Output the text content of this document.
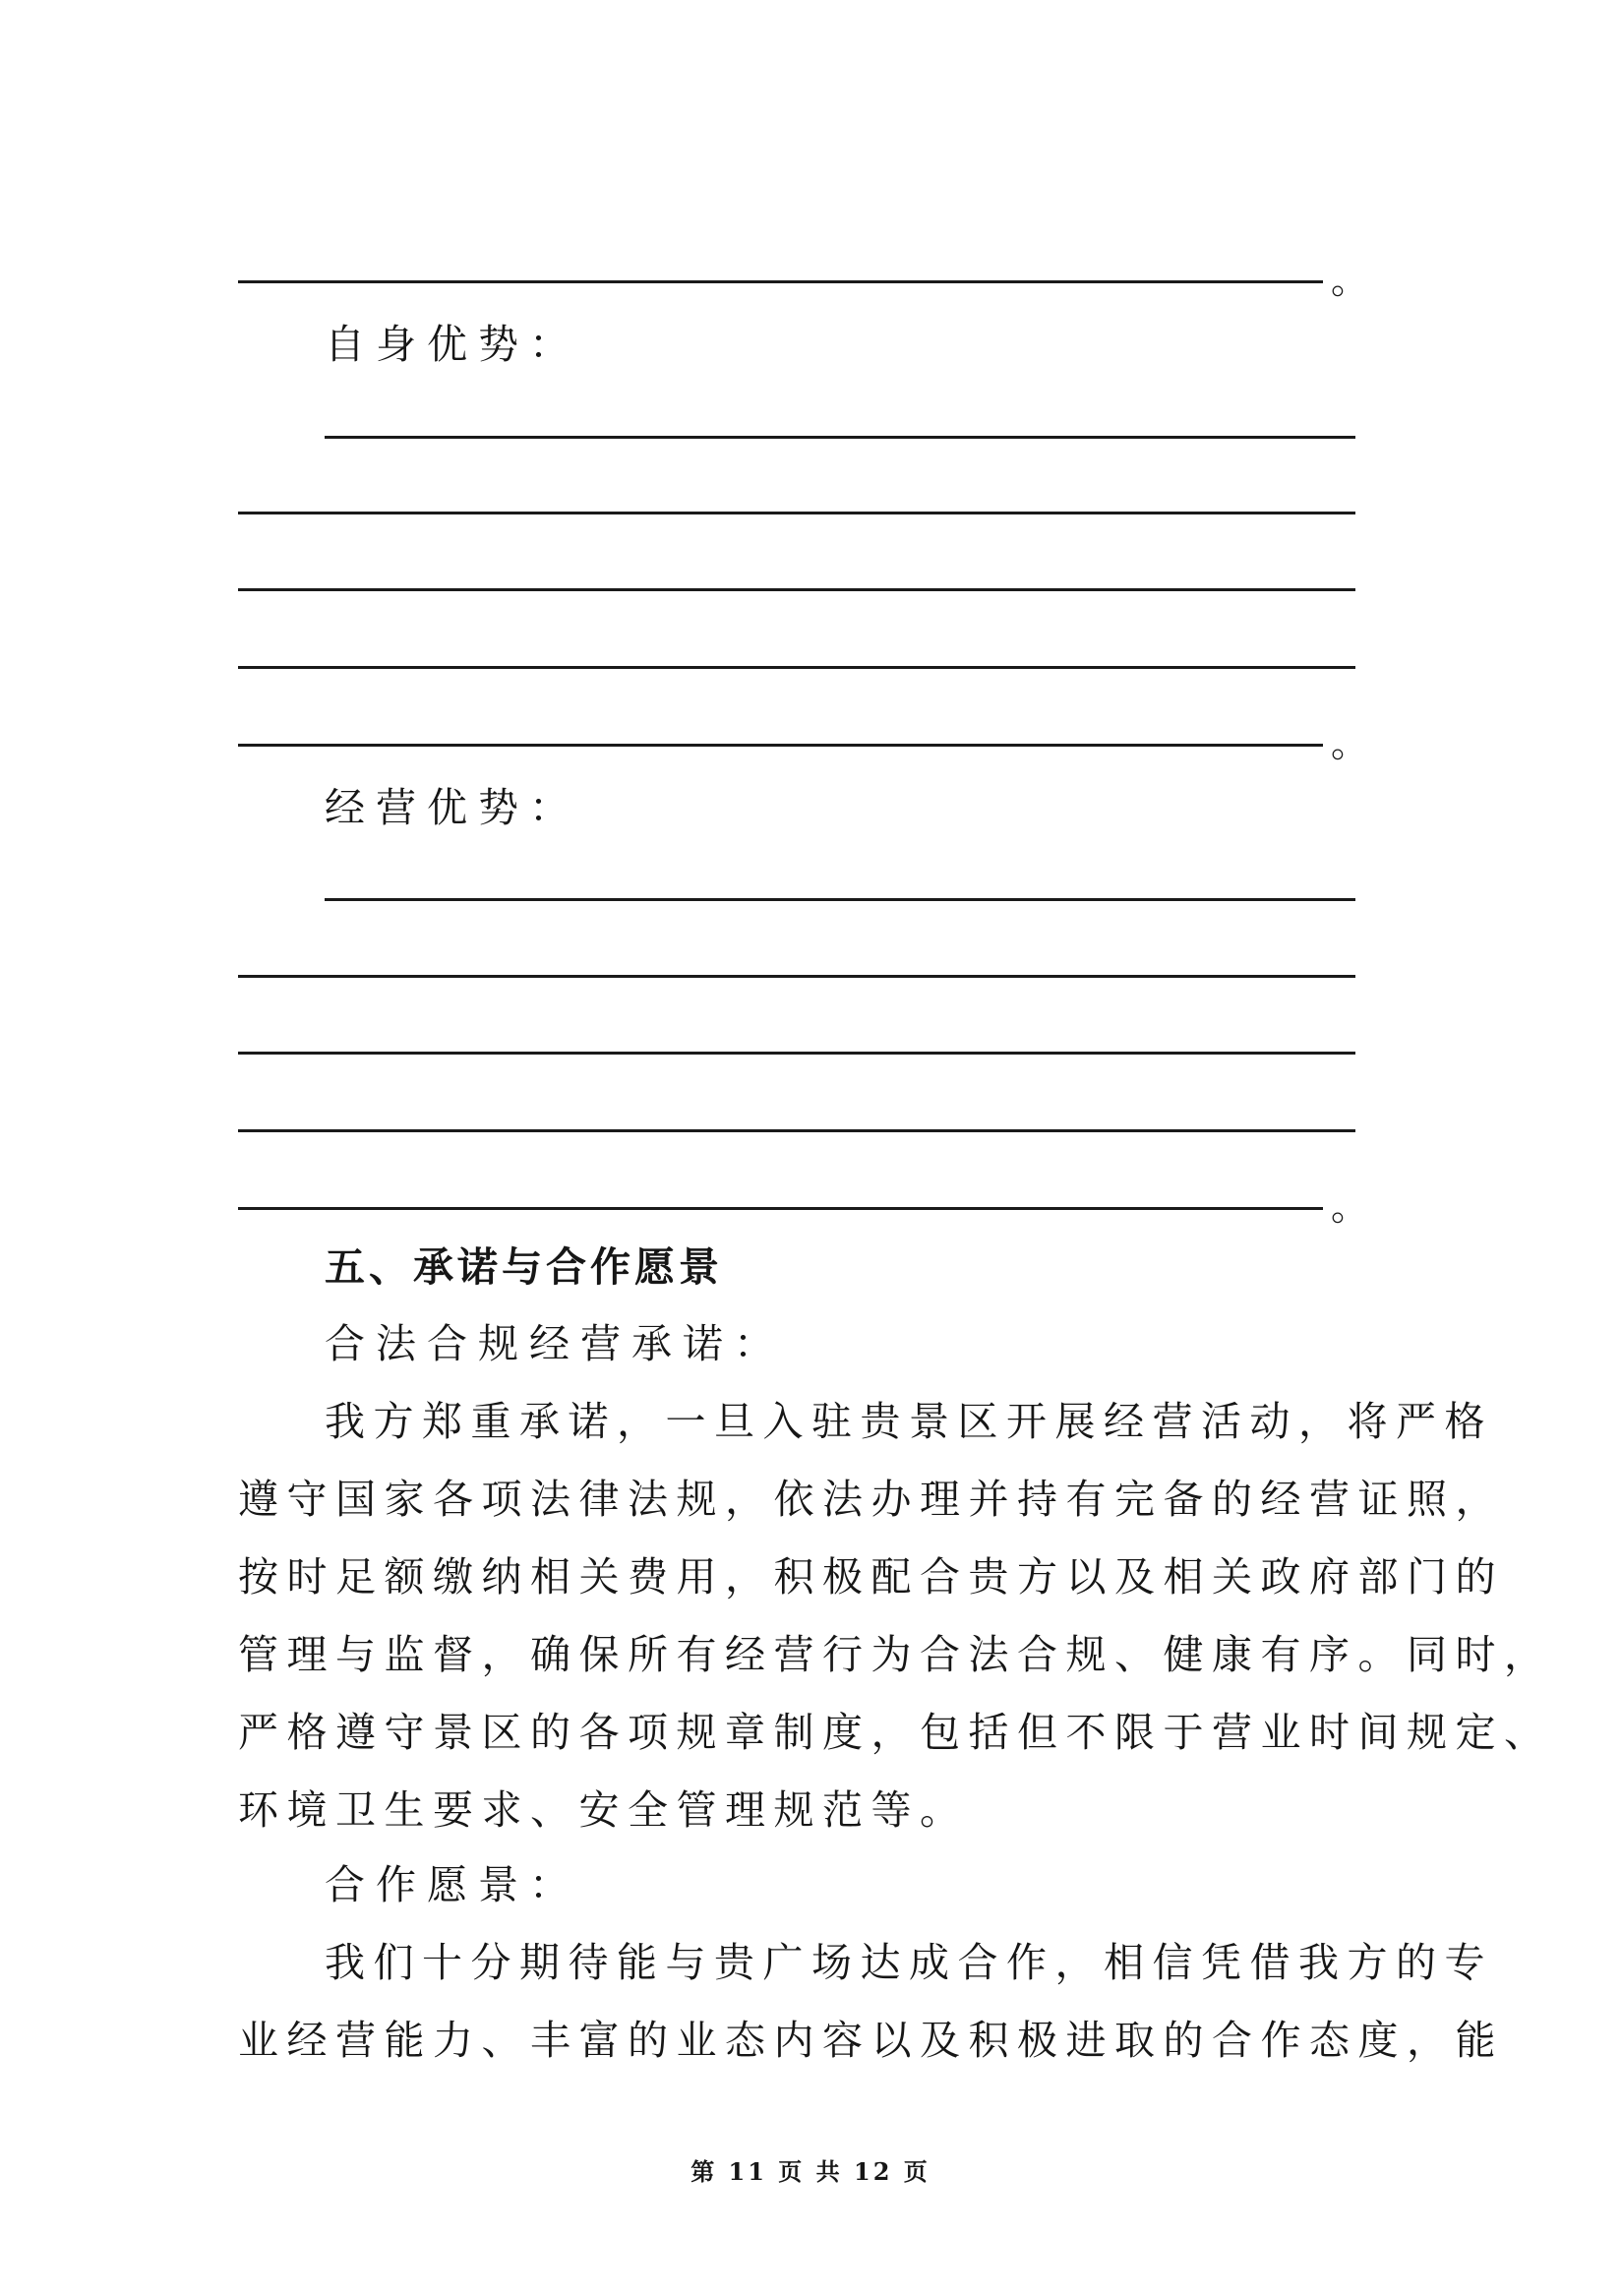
。
自身优势：
。
经营优势：
。
五、承诺与合作愿景
合法合规经营承诺：
我方郑重承诺，一旦入驻贵景区开展经营活动，将严格
遵守国家各项法律法规，依法办理并持有完备的经营证照，
按时足额缴纳相关费用，积极配合贵方以及相关政府部门的
管理与监督，确保所有经营行为合法合规、健康有序。同时，
严格遵守景区的各项规章制度，包括但不限于营业时间规定、
环境卫生要求、安全管理规范等。
合作愿景：
我们十分期待能与贵广场达成合作，相信凭借我方的专
业经营能力、丰富的业态内容以及积极进取的合作态度，能
第 11 页 共 12 页
